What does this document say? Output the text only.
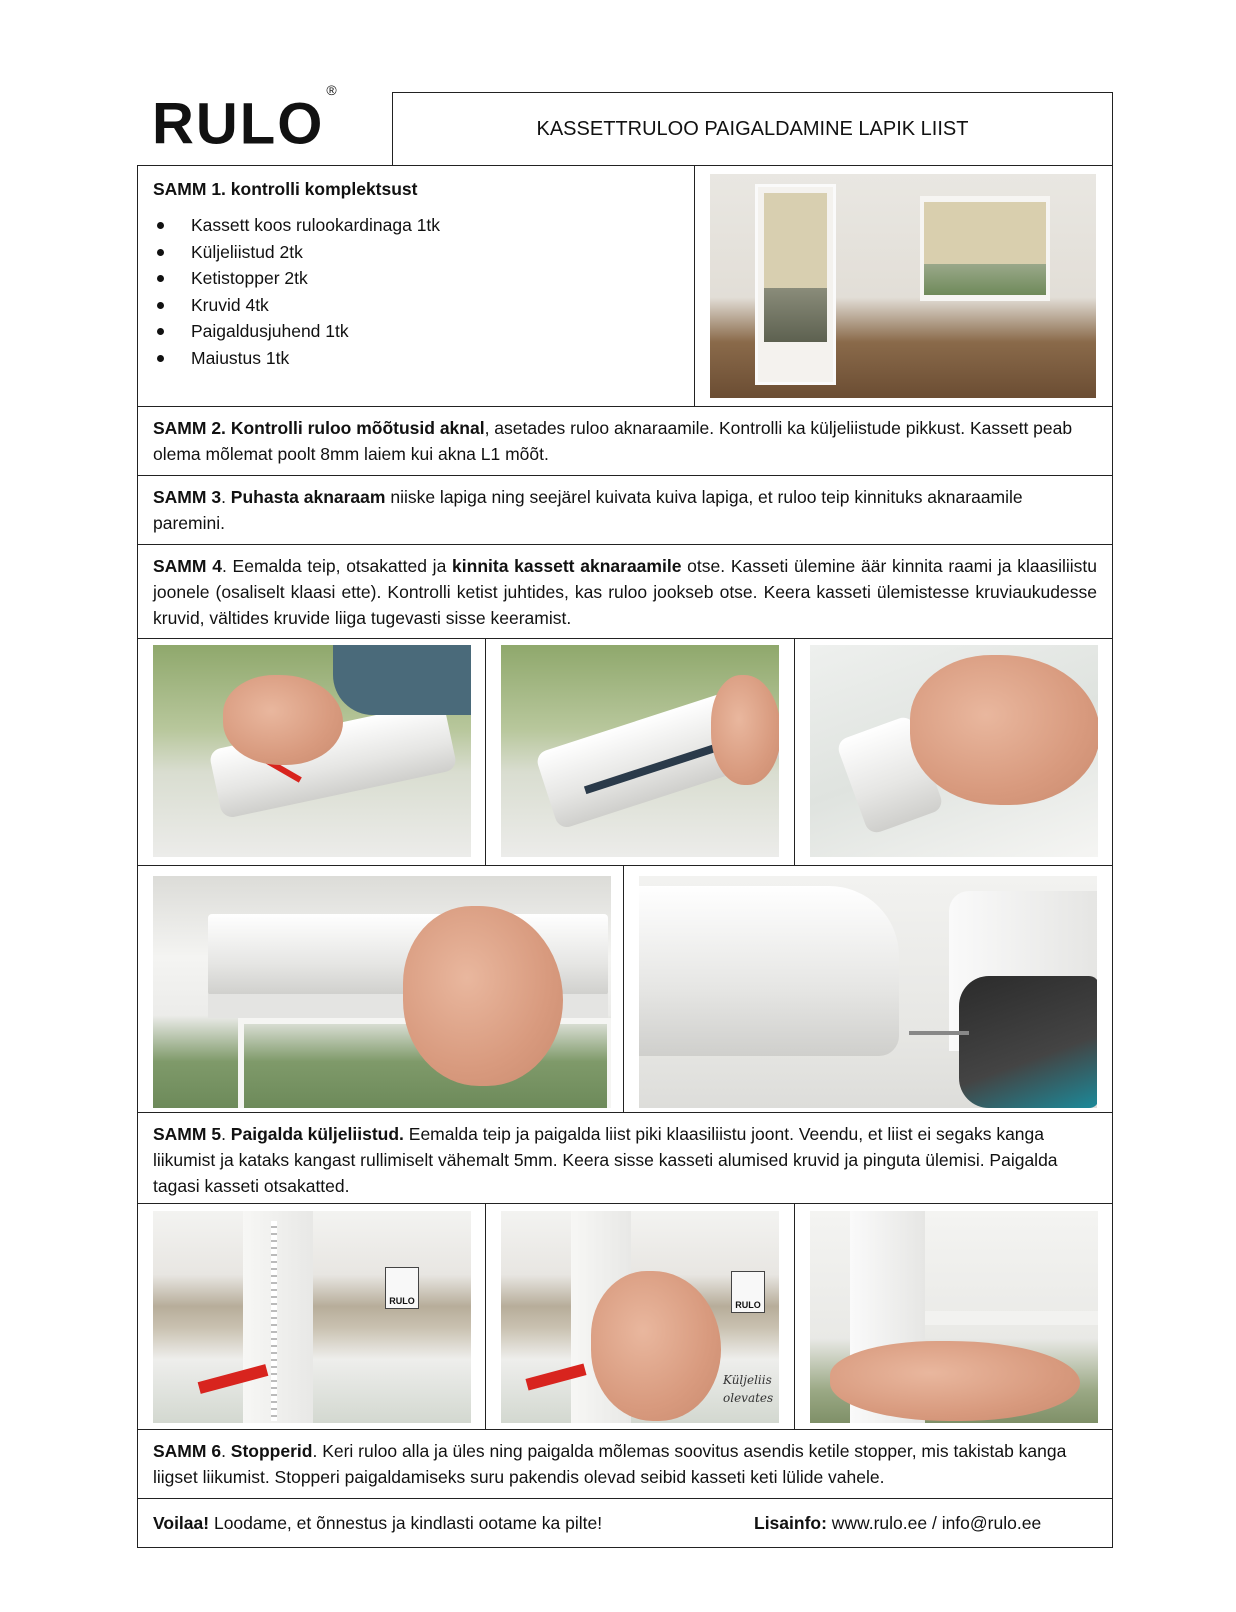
RULO®
KASSETTRULOO PAIGALDAMINE LAPIK LIIST
SAMM 1. kontrolli komplektsust
Kassett koos rulookardinaga 1tk
Küljeliistud 2tk
Ketistopper 2tk
Kruvid 4tk
Paigaldusjuhend 1tk
Maiustus 1tk
SAMM 2. Kontrolli ruloo mõõtusid aknal, asetades ruloo aknaraamile. Kontrolli ka küljeliistude pikkust. Kassett peab olema mõlemat poolt 8mm laiem kui akna L1 mõõt.
SAMM 3. Puhasta aknaraam niiske lapiga ning seejärel kuivata kuiva lapiga, et ruloo teip kinnituks aknaraamile paremini.
SAMM 4. Eemalda teip, otsakatted ja kinnita kassett aknaraamile otse. Kasseti ülemine äär kinnita raami ja klaasiliistu joonele (osaliselt klaasi ette). Kontrolli ketist juhtides, kas ruloo jookseb otse. Keera kasseti ülemistesse kruviaukudesse kruvid, vältides kruvide liiga tugevasti sisse keeramist.
SAMM 5. Paigalda küljeliistud. Eemalda teip ja paigalda liist piki klaasiliistu joont. Veendu, et liist ei segaks kanga liikumist ja kataks kangast rullimiselt vähemalt 5mm. Keera sisse kasseti alumised kruvid ja pinguta ülemisi. Paigalda tagasi kasseti otsakatted.
RULO	RULO
Küljeliis
olevates
SAMM 6. Stopperid. Keri ruloo alla ja üles ning paigalda mõlemas soovitus asendis ketile stopper, mis takistab kanga liigset liikumist. Stopperi paigaldamiseks suru pakendis olevad seibid kasseti keti lülide vahele.
Voilaa! Loodame, et õnnestus ja kindlasti ootame ka pilte!	Lisainfo: www.rulo.ee / info@rulo.ee
